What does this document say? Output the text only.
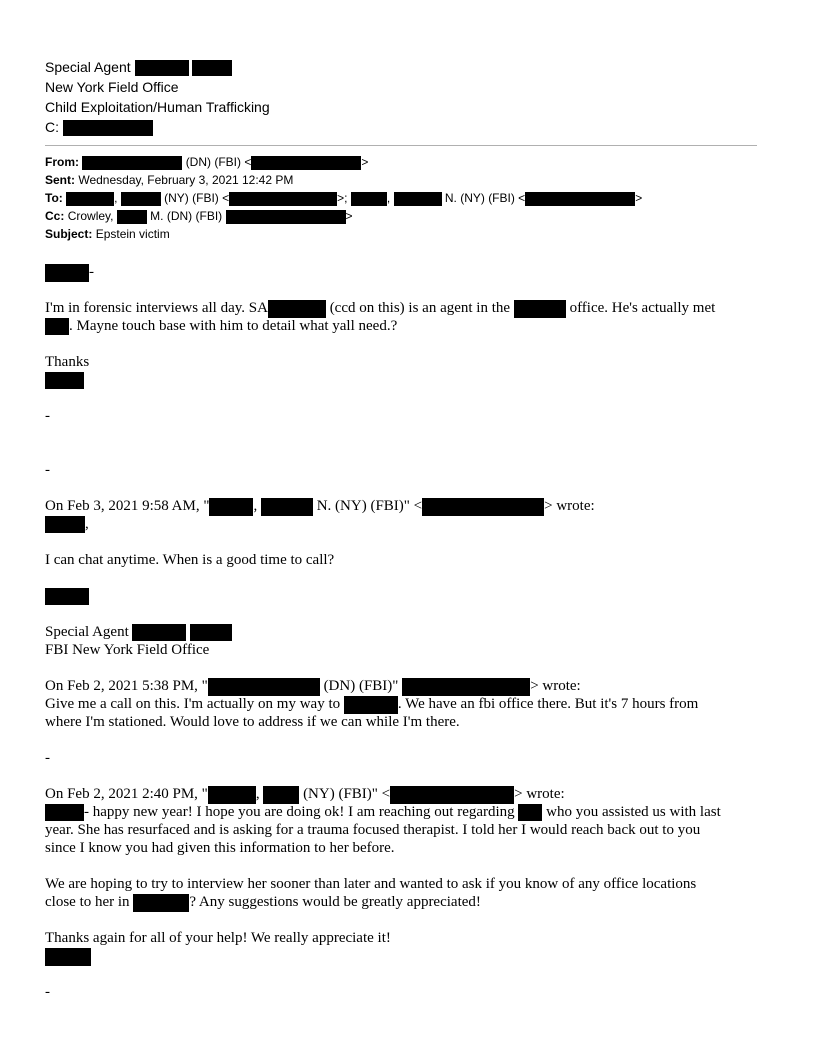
Special Agent
New York Field Office
Child Exploitation/Human Trafficking
C:
From:	(DN) (FBI) <	>
Sent: Wednesday, February 3, 2021 12:42 PM
To:	,	(NY) (FBI) <	>;	,	N. (NY) (FBI) <	>
Cc: Crowley,	M. (DN) (FBI)	>
Subject: Epstein victim
-
I'm in forensic interviews all day. SA	(ccd on this) is an agent in the	office. He's actually met
. Mayne touch base with him to detail what yall need.?
Thanks
-
-
On Feb 3, 2021 9:58 AM, "	,	N. (NY) (FBI)" <	> wrote:
,
I can chat anytime. When is a good time to call?
Special Agent
FBI New York Field Office
On Feb 2, 2021 5:38 PM, "	(DN) (FBI)"	> wrote:
Give me a call on this. I'm actually on my way to	. We have an fbi office there. But it's 7 hours from
where I'm stationed. Would love to address if we can while I'm there.
-
On Feb 2, 2021 2:40 PM, "	,	(NY) (FBI)" <	> wrote:
- happy new year! I hope you are doing ok! I am reaching out regarding who you assisted us with last
year. She has resurfaced and is asking for a trauma focused therapist. I told her I would reach back out to you
since I know you had given this information to her before.
We are hoping to try to interview her sooner than later and wanted to ask if you know of any office locations
close to her in	? Any suggestions would be greatly appreciated!
Thanks again for all of your help! We really appreciate it!
-
